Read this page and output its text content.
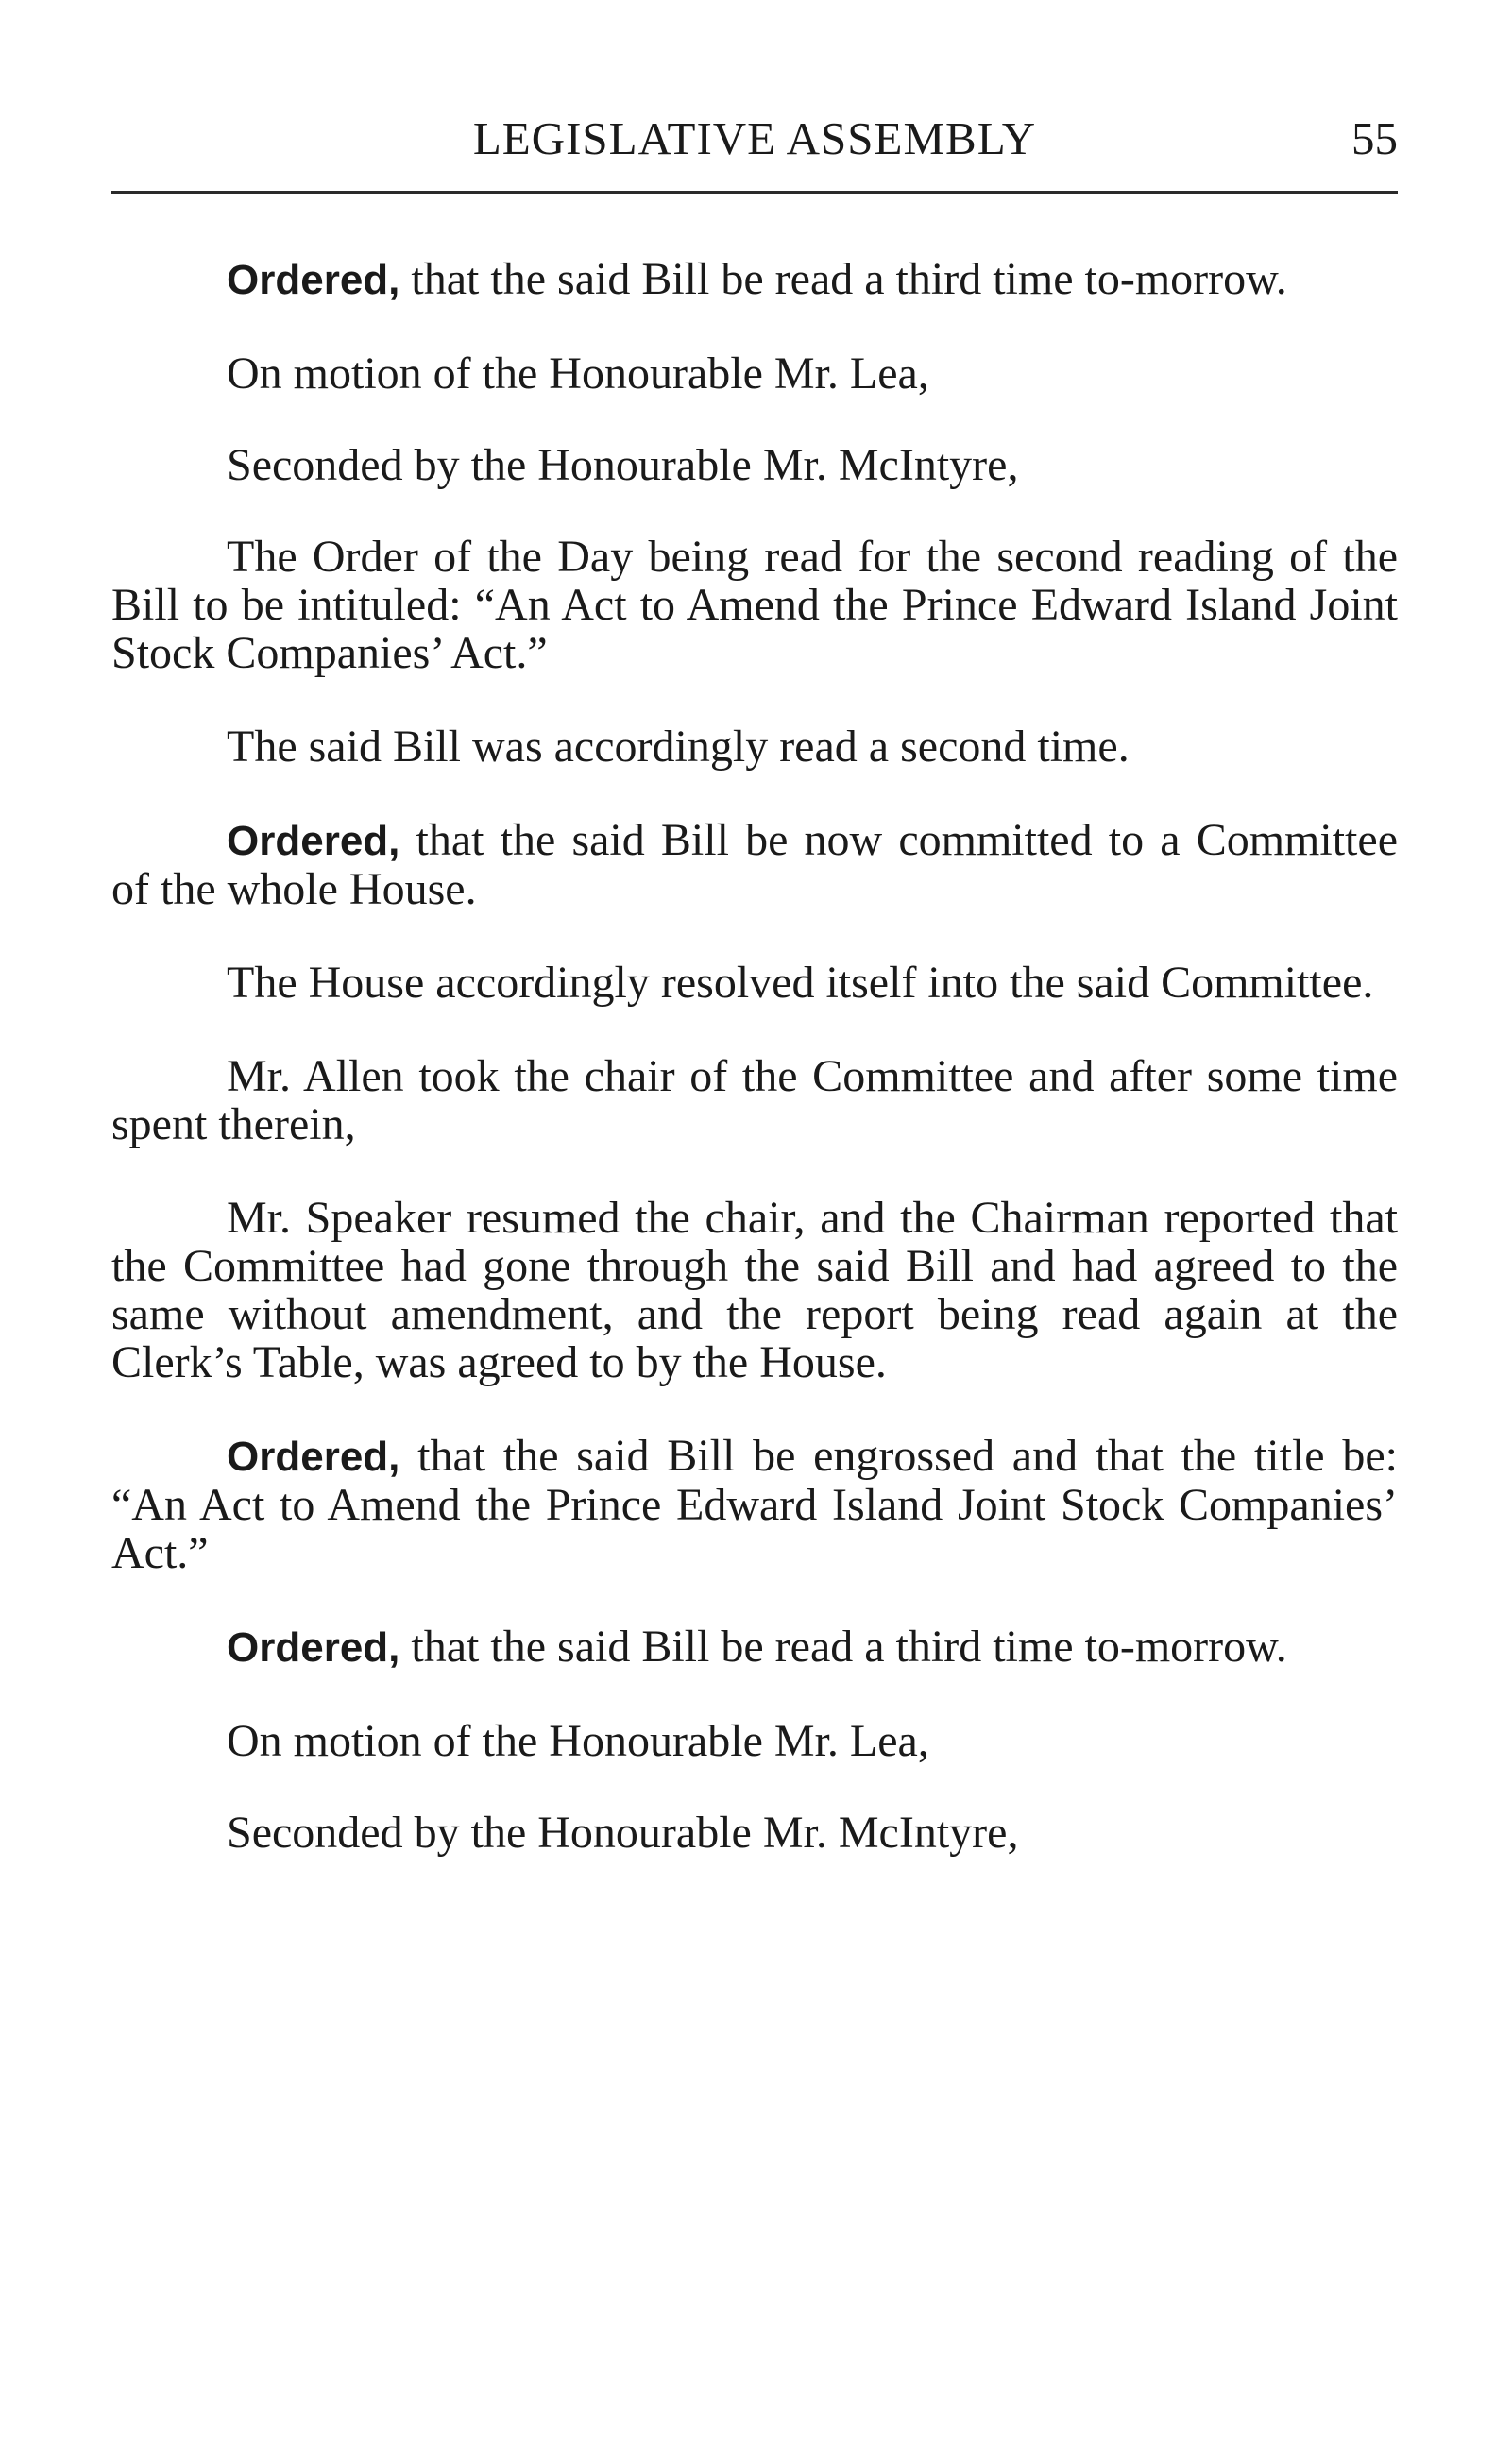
LEGISLATIVE ASSEMBLY	55

Ordered, that the said Bill be read a third time to-morrow.

On motion of the Honourable Mr. Lea,

Seconded by the Honourable Mr. McIntyre,

The Order of the Day being read for the second reading of the Bill to be intituled: “An Act to Amend the Prince Edward Island Joint Stock Companies’ Act.”

The said Bill was accordingly read a second time.

Ordered, that the said Bill be now committed to a Committee of the whole House.

The House accordingly resolved itself into the said Committee.

Mr. Allen took the chair of the Committee and after some time spent therein,

Mr. Speaker resumed the chair, and the Chairman reported that the Committee had gone through the said Bill and had agreed to the same without amendment, and the report being read again at the Clerk’s Table, was agreed to by the House.

Ordered, that the said Bill be engrossed and that the title be: “An Act to Amend the Prince Edward Island Joint Stock Companies’ Act.”

Ordered, that the said Bill be read a third time to-morrow.

On motion of the Honourable Mr. Lea,

Seconded by the Honourable Mr. McIntyre,
